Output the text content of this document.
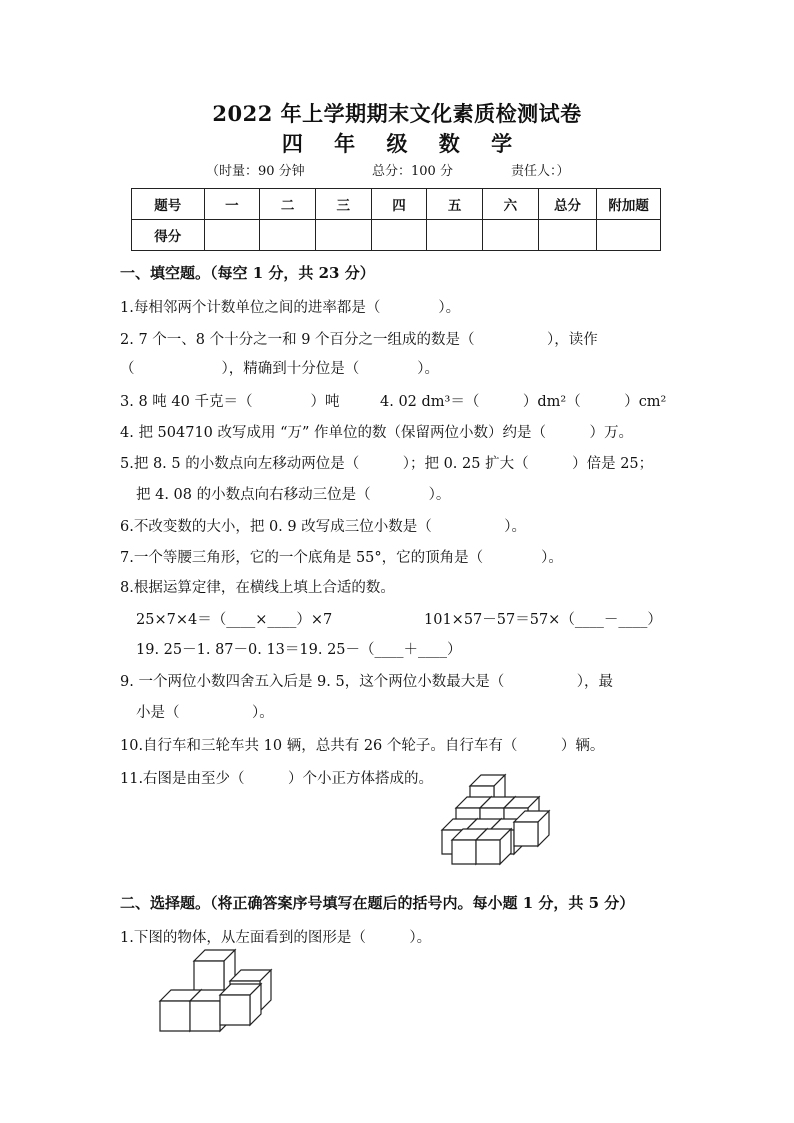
2022 年上学期期末文化素质检测试卷
四 年 级 数 学
（时量：90 分钟	总分：100 分	责任人：）
题号	一	二	三	四	五	六	总分	附加题
得分								
一、填空题。（每空 1 分，共 23 分）
1.每相邻两个计数单位之间的进率都是（　　　　）。
2. 7 个一、8 个十分之一和 9 个百分之一组成的数是（　　　　　），读作
（　　　　　　），精确到十分位是（　　　　）。
3. 8 吨 40 千克＝（　　　　）吨	4. 02 dm³＝（　　　）dm²（　　　）cm²
4. 把 504710 改写成用 “万” 作单位的数（保留两位小数）约是（　　　）万。
5.把 8. 5 的小数点向左移动两位是（　　　）；把 0. 25 扩大（　　　）倍是 25；
把 4. 08 的小数点向右移动三位是（　　　　）。
6.不改变数的大小，把 0. 9 改写成三位小数是（　　　　　）。
7.一个等腰三角形，它的一个底角是 55°，它的顶角是（　　　　）。
8.根据运算定律，在横线上填上合适的数。
25×7×4＝（____×____）×7	101×57－57＝57×（____－____）
19. 25－1. 87－0. 13＝19. 25－（____＋____）
9. 一个两位小数四舍五入后是 9. 5，这个两位小数最大是（　　　　　），最
小是（　　　　　）。
10.自行车和三轮车共 10 辆，总共有 26 个轮子。自行车有（　　　）辆。
11.右图是由至少（　　　）个小正方体搭成的。
二、选择题。（将正确答案序号填写在题后的括号内。每小题 1 分，共 5 分）
1.下图的物体，从左面看到的图形是（　　　）。
